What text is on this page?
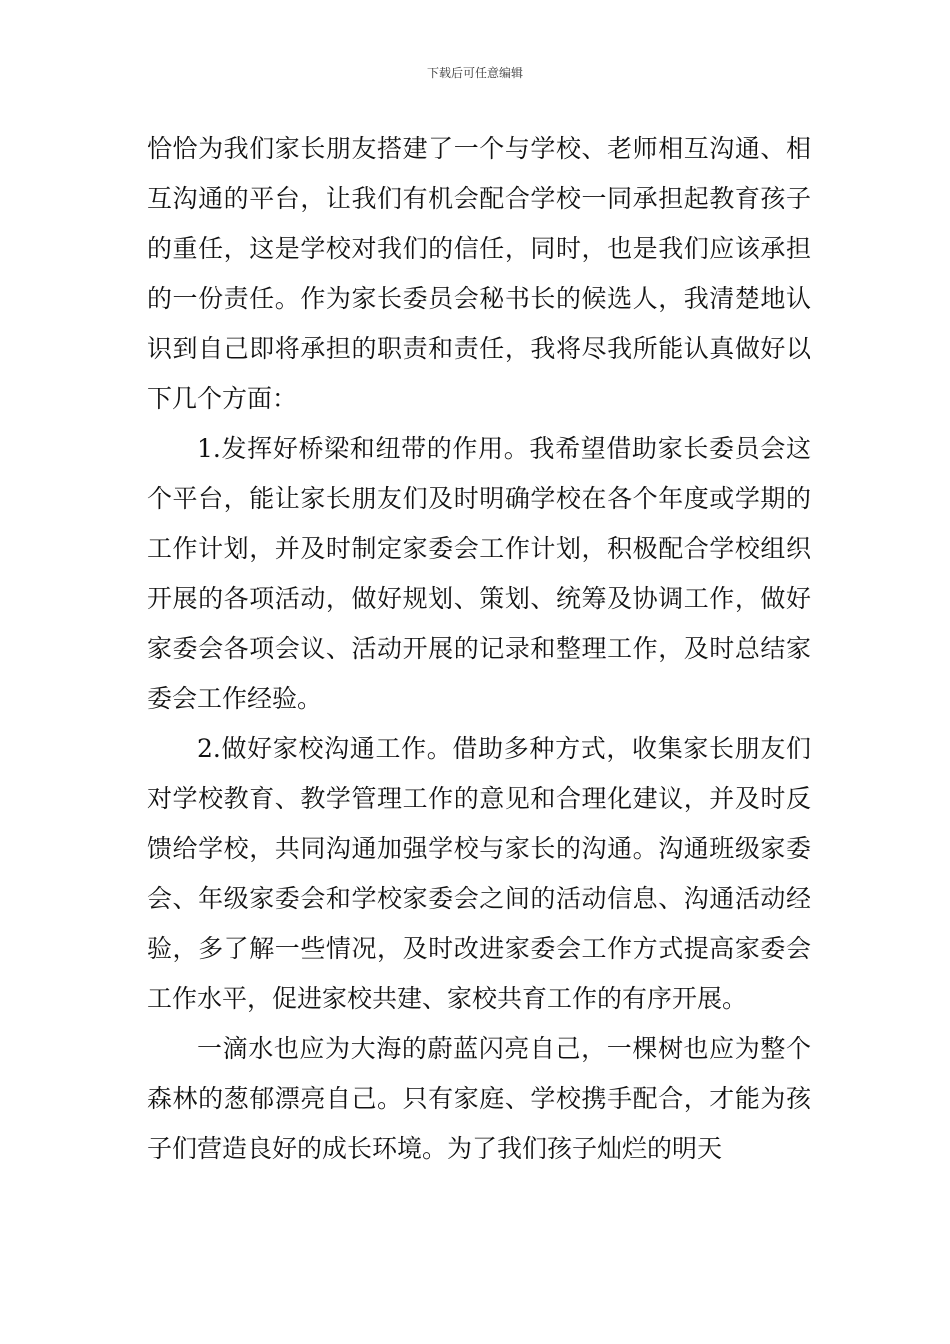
下载后可任意编辑

恰恰为我们家长朋友搭建了一个与学校、老师相互沟通、相互沟通的平台，让我们有机会配合学校一同承担起教育孩子的重任，这是学校对我们的信任，同时，也是我们应该承担的一份责任。作为家长委员会秘书长的候选人，我清楚地认识到自己即将承担的职责和责任，我将尽我所能认真做好以下几个方面：

1.发挥好桥梁和纽带的作用。我希望借助家长委员会这个平台，能让家长朋友们及时明确学校在各个年度或学期的工作计划，并及时制定家委会工作计划，积极配合学校组织开展的各项活动，做好规划、策划、统筹及协调工作，做好家委会各项会议、活动开展的记录和整理工作，及时总结家委会工作经验。

2.做好家校沟通工作。借助多种方式，收集家长朋友们对学校教育、教学管理工作的意见和合理化建议，并及时反馈给学校，共同沟通加强学校与家长的沟通。沟通班级家委会、年级家委会和学校家委会之间的活动信息、沟通活动经验，多了解一些情况，及时改进家委会工作方式提高家委会工作水平，促进家校共建、家校共育工作的有序开展。

一滴水也应为大海的蔚蓝闪亮自己，一棵树也应为整个森林的葱郁漂亮自己。只有家庭、学校携手配合，才能为孩子们营造良好的成长环境。为了我们孩子灿烂的明天
